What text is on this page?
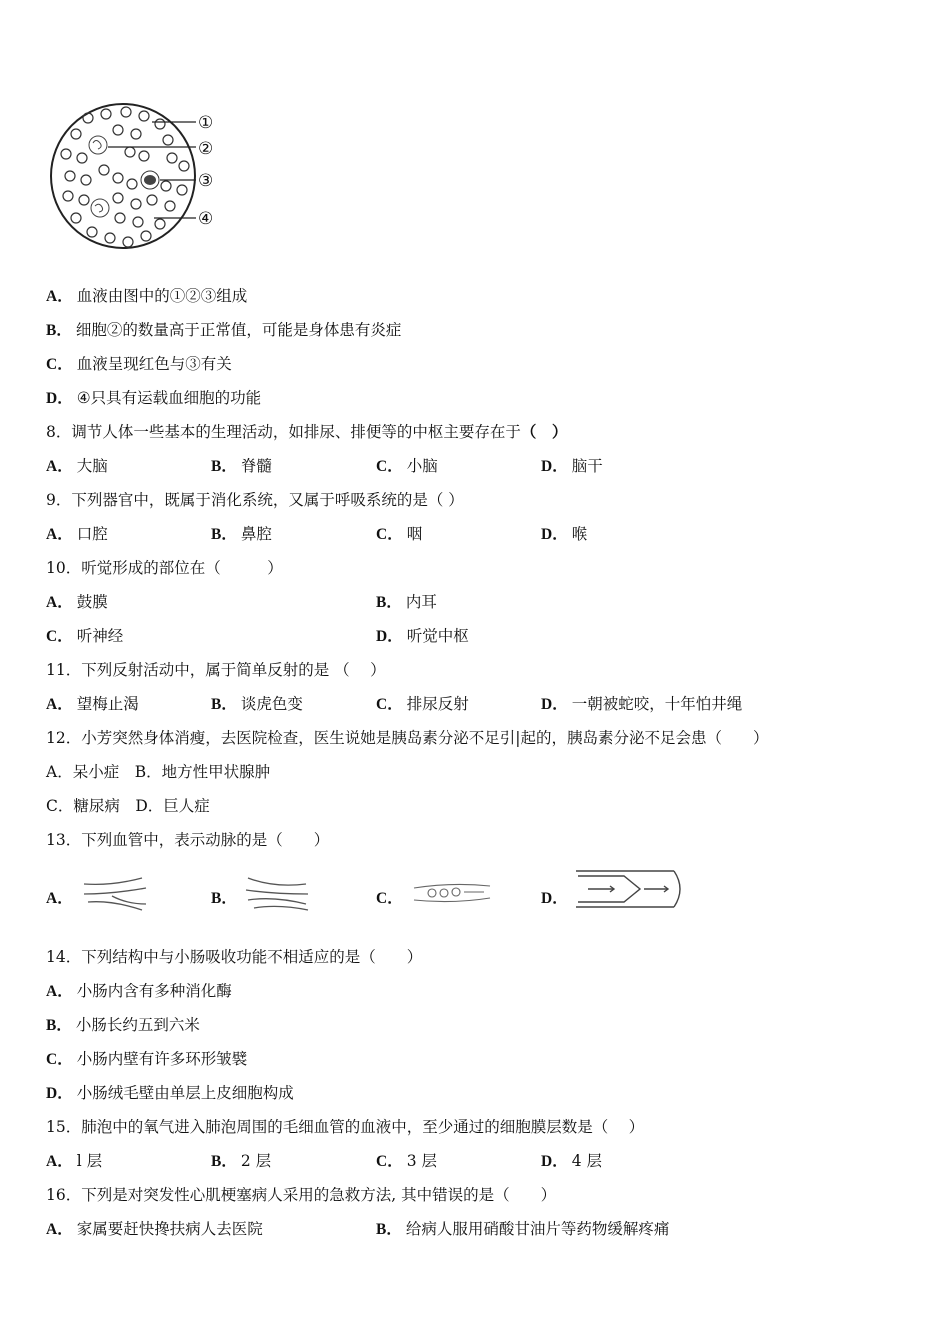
①
②
③
④
A． 血液由图中的①②③组成
B． 细胞②的数量高于正常值，可能是身体患有炎症
C． 血液呈现红色与③有关
D． ④只具有运载血细胞的功能
8．调节人体一些基本的生理活动，如排尿、排便等的中枢主要存在于（　）
A． 大脑	B． 脊髓	C． 小脑	D． 脑干
9．下列器官中，既属于消化系统，又属于呼吸系统的是（ ）
A． 口腔	B． 鼻腔	C． 咽	D． 喉
10．听觉形成的部位在（　　　）
A． 鼓膜	B． 内耳
C． 听神经	D． 听觉中枢
11．下列反射活动中，属于简单反射的是 （　 ）
A． 望梅止渴	B． 谈虎色变	C． 排尿反射	D． 一朝被蛇咬，十年怕井绳
12．小芳突然身体消瘦，去医院检查，医生说她是胰岛素分泌不足引|起的，胰岛素分泌不足会患（　　）
A．呆小症　B．地方性甲状腺肿
C．糖尿病　D．巨人症
13．下列血管中，表示动脉的是（　　）
A．	B．	C．	D．
14．下列结构中与小肠吸收功能不相适应的是（　　）
A． 小肠内含有多种消化酶
B． 小肠长约五到六米
C． 小肠内壁有许多环形皱襞
D． 小肠绒毛壁由单层上皮细胞构成
15．肺泡中的氧气进入肺泡周围的毛细血管的血液中，至少通过的细胞膜层数是（　 ）
A． l 层	B． 2 层	C． 3 层	D． 4 层
16．下列是对突发性心肌梗塞病人采用的急救方法, 其中错误的是（　　）
A． 家属要赶快搀扶病人去医院	B． 给病人服用硝酸甘油片等药物缓解疼痛
